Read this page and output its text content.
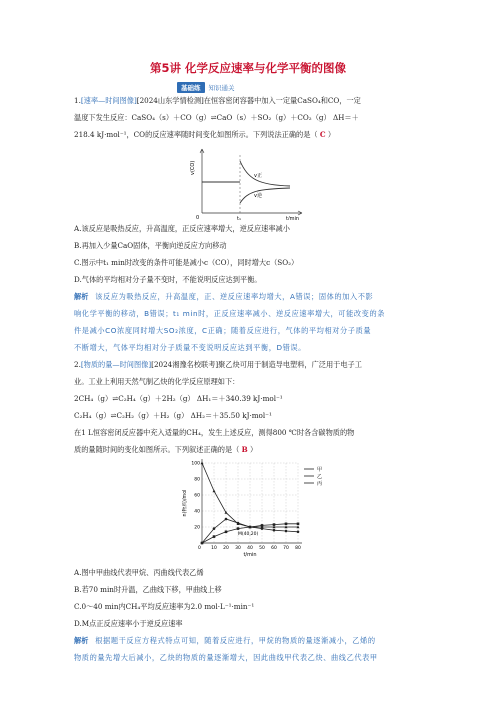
第5讲 化学反应速率与化学平衡的图像
基础练	知识通关
1.[速率—时间图像][2024山东学情检测]在恒容密闭容器中加入一定量CaSO₄和CO，一定
温度下发生反应：CaSO₄（s）＋CO（g）⇌CaO（s）＋SO₂（g）＋CO₂（g） ΔH＝＋
218.4 kJ·mol⁻¹，CO的反应速率随时间变化如图所示。下列说法正确的是（ C ）
v(CO)
0	t₁	t/min
v正
v逆
A.该反应是吸热反应，升高温度，正反应速率增大，逆反应速率减小
B.再加入少量CaO固体，平衡向逆反应方向移动
C.图示中t₁ min时改变的条件可能是减小c（CO），同时增大c（SO₂）
D.气体的平均相对分子量不变时，不能说明反应达到平衡。
解析 该反应为吸热反应，升高温度，正、逆反应速率均增大，A错误；固体的加入不影
响化学平衡的移动，B错误；t₁ min时，正反应速率减小、逆反应速率增大，可能改变的条
件是减小CO浓度同时增大SO₂浓度，C正确；随着反应进行，气体的平均相对分子质量
不断增大，气体平均相对分子质量不变说明反应达到平衡，D错误。
2.[物质的量—时间图像][2024湘豫名校联考]聚乙炔可用于制造导电塑料，广泛用于电子工
业。工业上利用天然气制乙炔的化学反应原理如下：
2CH₄（g）⇌C₂H₄（g）＋2H₂（g） ΔH₁＝＋340.39 kJ·mol⁻¹
C₂H₄（g）⇌C₂H₂（g）＋H₂（g） ΔH₂＝＋35.50 kJ·mol⁻¹
在1 L恒容密闭反应器中充入适量的CH₄，发生上述反应，测得800 ℃时各含碳物质的物
质的量随时间的变化如图所示。下列叙述正确的是（ B ）
20
40
60
80
100
10 20 30 40 50 60 70 80
0
t/min
n(物质)/mol
甲
乙
丙
M(40,20)
A.图中甲曲线代表甲烷、丙曲线代表乙烯
B.若70 min时升温，乙曲线下移，甲曲线上移
C.0～40 min内CH₄平均反应速率为2.0 mol·L⁻¹·min⁻¹
D.M点正反应速率小于逆反应速率
解析 根据题干反应方程式特点可知，随着反应进行，甲烷的物质的量逐渐减小，乙烯的
物质的量先增大后减小，乙炔的物质的量逐渐增大，因此曲线甲代表乙炔、曲线乙代表甲
